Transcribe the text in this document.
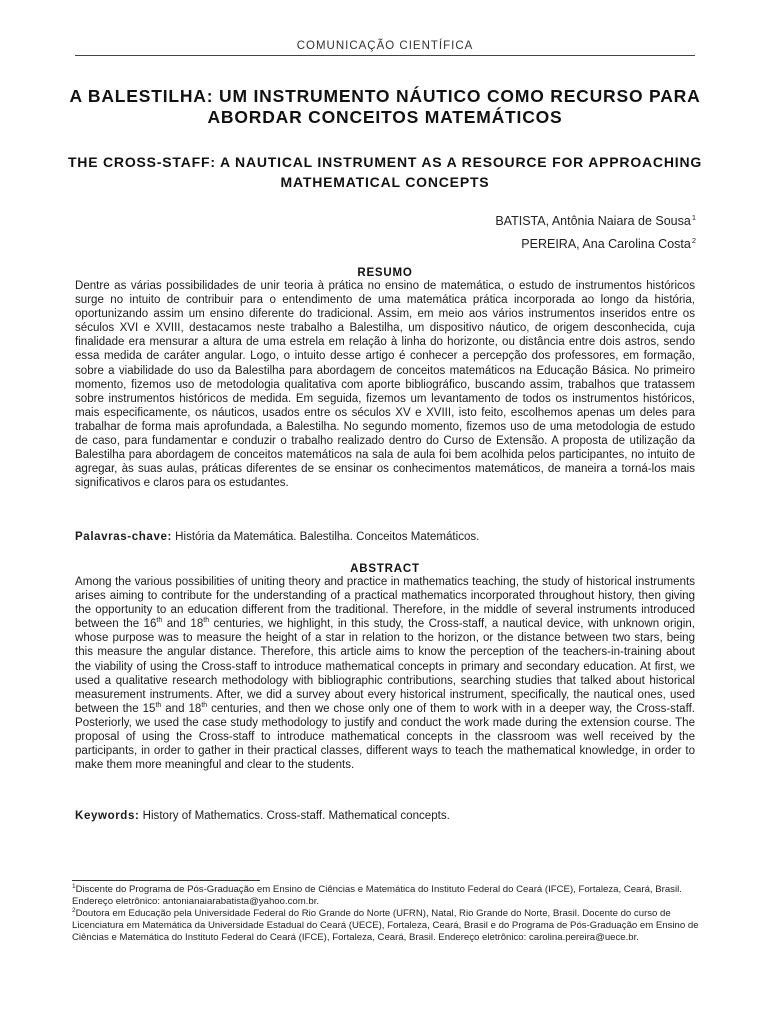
COMUNICAÇÃO CIENTÍFICA
A BALESTILHA: UM INSTRUMENTO NÁUTICO COMO RECURSO PARA ABORDAR CONCEITOS MATEMÁTICOS
THE CROSS-STAFF: A NAUTICAL INSTRUMENT AS A RESOURCE FOR APPROACHING MATHEMATICAL CONCEPTS
BATISTA, Antônia Naiara de Sousa$^1$
PEREIRA, Ana Carolina Costa$^2$
RESUMO

Dentre as várias possibilidades de unir teoria à prática no ensino de matemática, o estudo de instrumentos históricos surge no intuito de contribuir para o entendimento de uma matemática prática incorporada ao longo da história, oportunizando assim um ensino diferente do tradicional. Assim, em meio aos vários instrumentos inseridos entre os séculos XVI e XVIII, destacamos neste trabalho a Balestilha, um dispositivo náutico, de origem desconhecida, cuja finalidade era mensurar a altura de uma estrela em relação à linha do horizonte, ou distância entre dois astros, sendo essa medida de caráter angular. Logo, o intuito desse artigo é conhecer a percepção dos professores, em formação, sobre a viabilidade do uso da Balestilha para abordagem de conceitos matemáticos na Educação Básica. No primeiro momento, fizemos uso de metodologia qualitativa com aporte bibliográfico, buscando assim, trabalhos que tratassem sobre instrumentos históricos de medida. Em seguida, fizemos um levantamento de todos os instrumentos históricos, mais especificamente, os náuticos, usados entre os séculos XV e XVIII, isto feito, escolhemos apenas um deles para trabalhar de forma mais aprofundada, a Balestilha. No segundo momento, fizemos uso de uma metodologia de estudo de caso, para fundamentar e conduzir o trabalho realizado dentro do Curso de Extensão. A proposta de utilização da Balestilha para abordagem de conceitos matemáticos na sala de aula foi bem acolhida pelos participantes, no intuito de agregar, às suas aulas, práticas diferentes de se ensinar os conhecimentos matemáticos, de maneira a torná-los mais significativos e claros para os estudantes.

Palavras-chave: História da Matemática. Balestilha. Conceitos Matemáticos.
ABSTRACT

Among the various possibilities of uniting theory and practice in mathematics teaching, the study of historical instruments arises aiming to contribute for the understanding of a practical mathematics incorporated throughout history, then giving the opportunity to an education different from the traditional. Therefore, in the middle of several instruments introduced between the 16th and 18th centuries, we highlight, in this study, the Cross-staff, a nautical device, with unknown origin, whose purpose was to measure the height of a star in relation to the horizon, or the distance between two stars, being this measure the angular distance. Therefore, this article aims to know the perception of the teachers-in-training about the viability of using the Cross-staff to introduce mathematical concepts in primary and secondary education. At first, we used a qualitative research methodology with bibliographic contributions, searching studies that talked about historical measurement instruments. After, we did a survey about every historical instrument, specifically, the nautical ones, used between the 15th and 18th centuries, and then we chose only one of them to work with in a deeper way, the Cross-staff. Posteriorly, we used the case study methodology to justify and conduct the work made during the extension course. The proposal of using the Cross-staff to introduce mathematical concepts in the classroom was well received by the participants, in order to gather in their practical classes, different ways to teach the mathematical knowledge, in order to make them more meaningful and clear to the students.

Keywords: History of Mathematics. Cross-staff. Mathematical concepts.

$^1$Discente do Programa de Pós-Graduação em Ensino de Ciências e Matemática do Instituto Federal do Ceará (IFCE), Fortaleza, Ceará, Brasil. Endereço eletrônico: antonianaiarabatista@yahoo.com.br.

$^2$Doutora em Educação pela Universidade Federal do Rio Grande do Norte (UFRN), Natal, Rio Grande do Norte, Brasil. Docente do curso de Licenciatura em Matemática da Universidade Estadual do Ceará (UECE), Fortaleza, Ceará, Brasil e do Programa de Pós-Graduação em Ensino de Ciências e Matemática do Instituto Federal do Ceará (IFCE), Fortaleza, Ceará, Brasil. Endereço eletrônico: carolina.pereira@uece.br.
